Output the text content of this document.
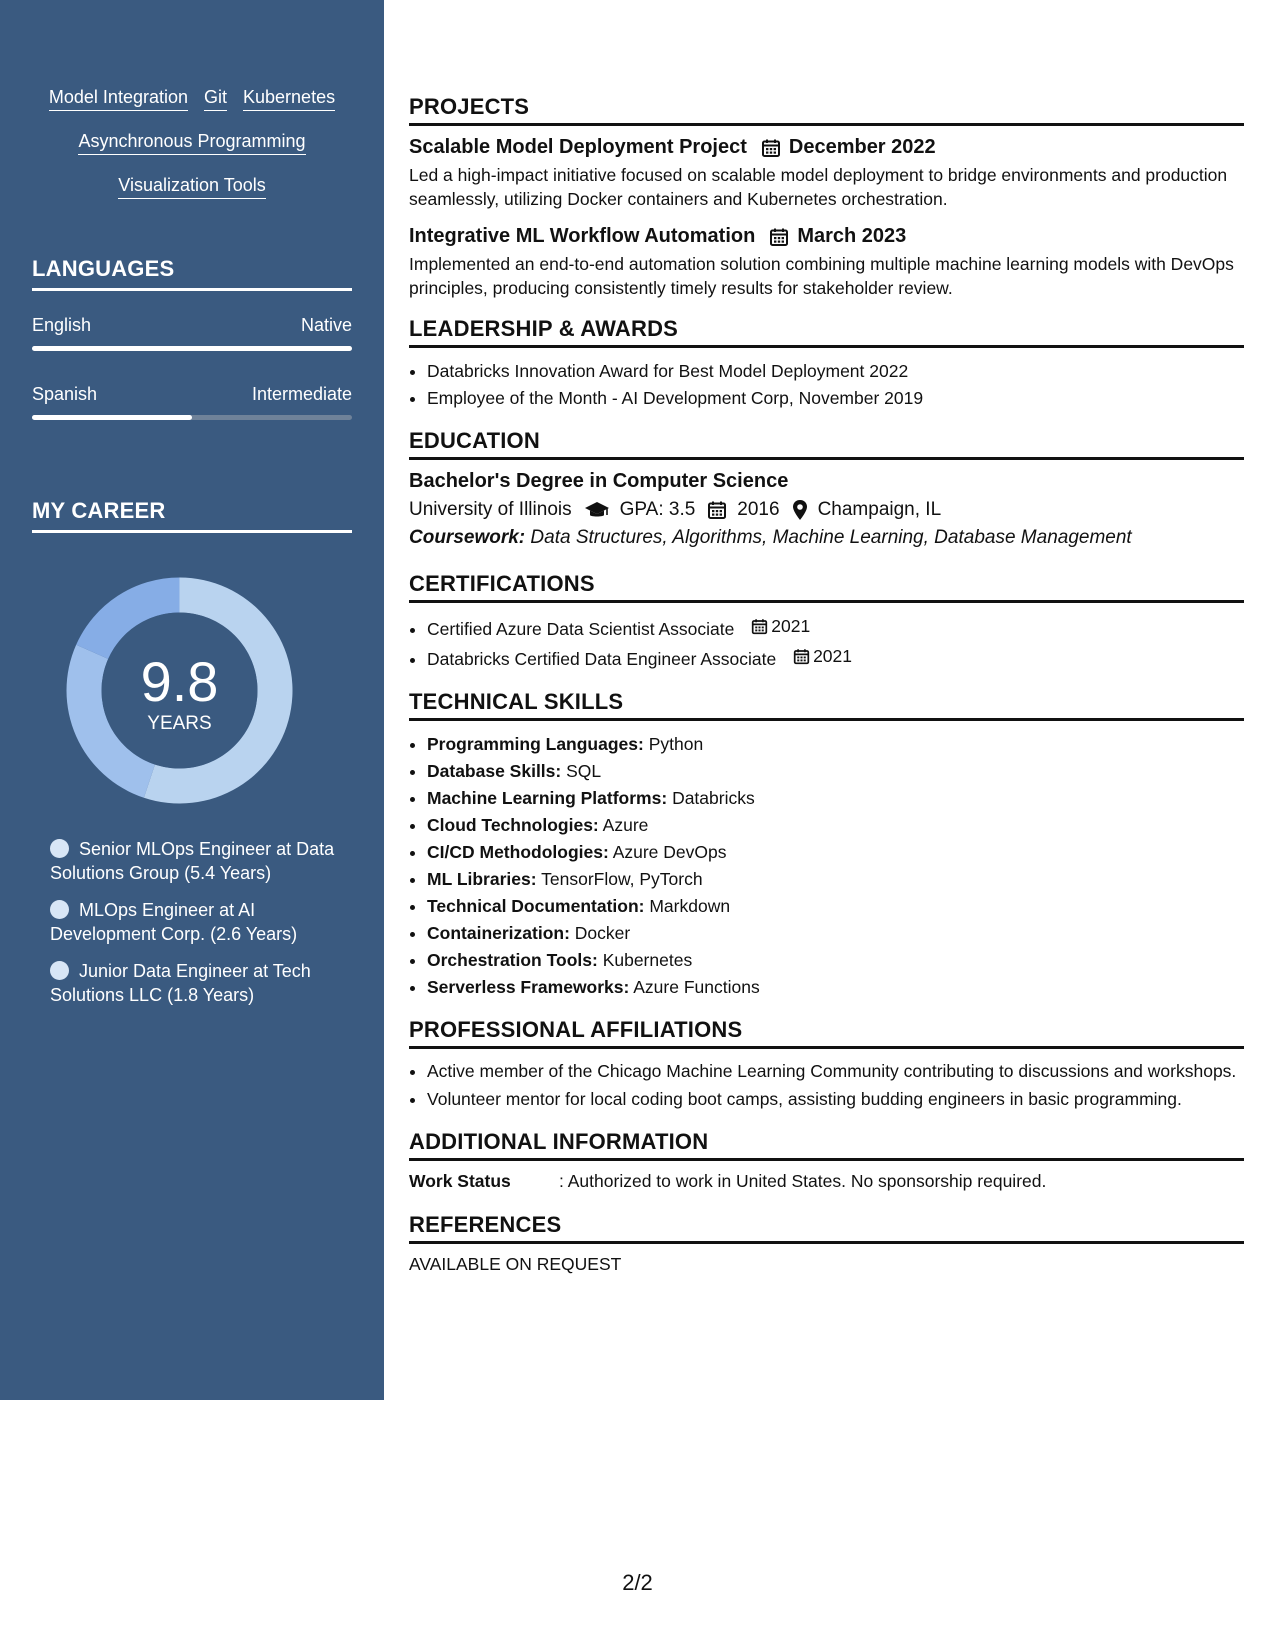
Model Integration Git Kubernetes
Asynchronous Programming
Visualization Tools
LANGUAGES
English	Native
Spanish	Intermediate
MY CAREER
9.8
YEARS
Senior MLOps Engineer at Data Solutions Group (5.4 Years)
MLOps Engineer at AI Development Corp. (2.6 Years)
Junior Data Engineer at Tech Solutions LLC (1.8 Years)
PROJECTS
Scalable Model Deployment Project December 2022
Led a high-impact initiative focused on scalable model deployment to bridge environments and production seamlessly, utilizing Docker containers and Kubernetes orchestration.
Integrative ML Workflow Automation March 2023
Implemented an end-to-end automation solution combining multiple machine learning models with DevOps principles, producing consistently timely results for stakeholder review.
LEADERSHIP & AWARDS
• Databricks Innovation Award for Best Model Deployment 2022
• Employee of the Month - AI Development Corp, November 2019
EDUCATION
Bachelor's Degree in Computer Science
University of Illinois	GPA: 3.5 2016 Champaign, IL
Coursework: Data Structures, Algorithms, Machine Learning, Database Management
CERTIFICATIONS
• Certified Azure Data Scientist Associate 2021
• Databricks Certified Data Engineer Associate 2021
TECHNICAL SKILLS
• Programming Languages: Python
• Database Skills: SQL
• Machine Learning Platforms: Databricks
• Cloud Technologies: Azure
• CI/CD Methodologies: Azure DevOps
• ML Libraries: TensorFlow, PyTorch
• Technical Documentation: Markdown
• Containerization: Docker
• Orchestration Tools: Kubernetes
• Serverless Frameworks: Azure Functions
PROFESSIONAL AFFILIATIONS
• Active member of the Chicago Machine Learning Community contributing to discussions and workshops.
• Volunteer mentor for local coding boot camps, assisting budding engineers in basic programming.
ADDITIONAL INFORMATION
Work Status	: Authorized to work in United States. No sponsorship required.
REFERENCES
AVAILABLE ON REQUEST
2/2
